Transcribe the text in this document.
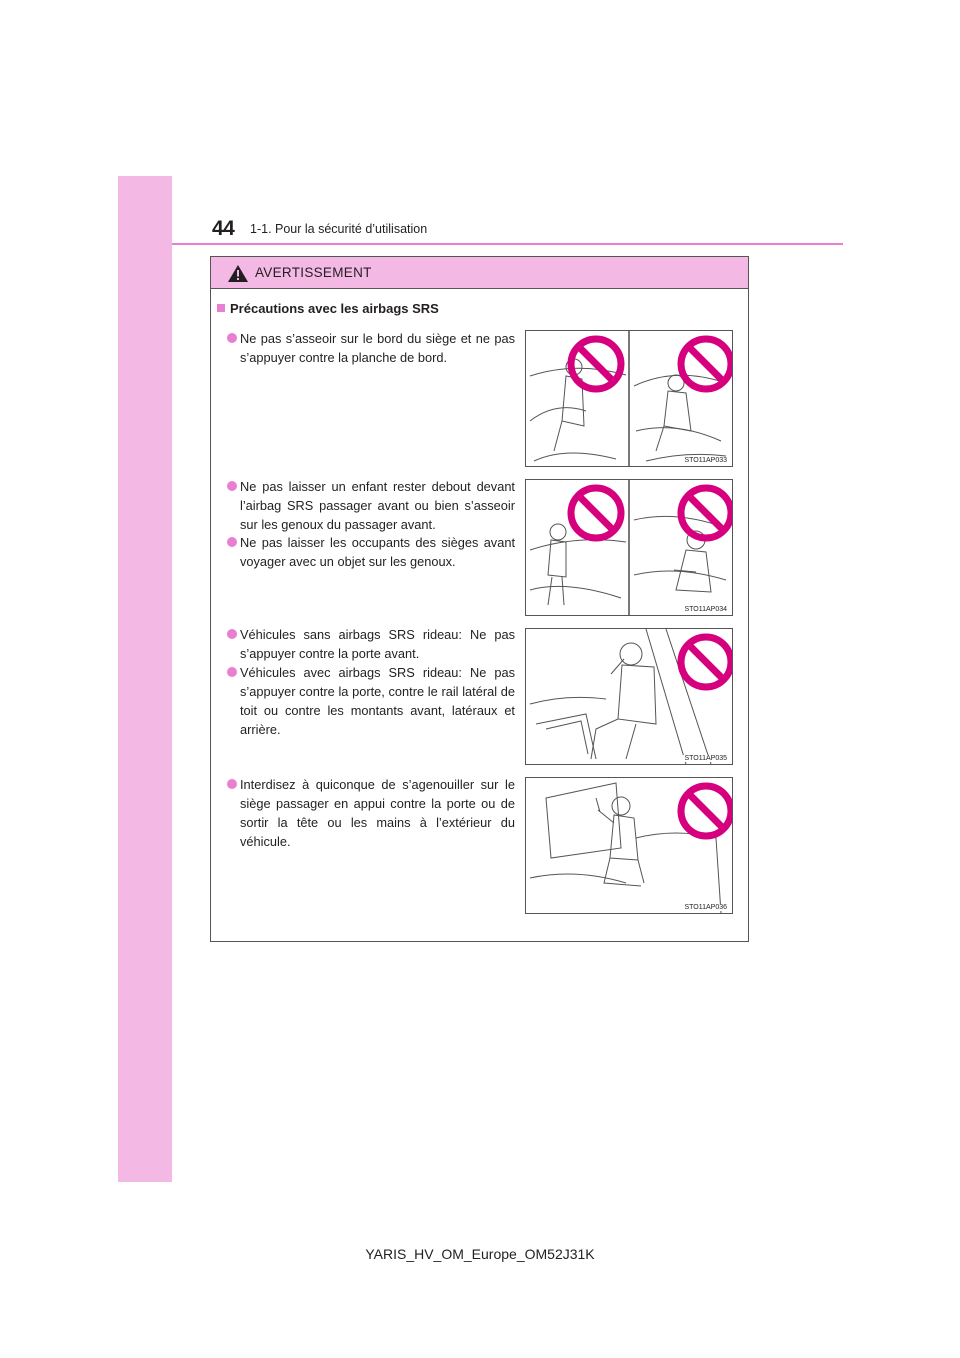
44 1-1. Pour la sécurité d’utilisation
AVERTISSEMENT
Précautions avec les airbags SRS
Ne pas s’asseoir sur le bord du siège et ne pas s’appuyer contre la planche de bord.
Ne pas laisser un enfant rester debout devant l’airbag SRS passager avant ou bien s’asseoir sur les genoux du passager avant.
Ne pas laisser les occupants des sièges avant voyager avec un objet sur les genoux.
Véhicules sans airbags SRS rideau: Ne pas s’appuyer contre la porte avant.
Véhicules avec airbags SRS rideau: Ne pas s’appuyer contre la porte, contre le rail latéral de toit ou contre les montants avant, latéraux et arrière.
Interdisez à quiconque de s’agenouiller sur le siège passager en appui contre la porte ou de sortir la tête ou les mains à l’extérieur du véhicule.
STO11AP033
STO11AP034
STO11AP035
STO11AP036
YARIS_HV_OM_Europe_OM52J31K
